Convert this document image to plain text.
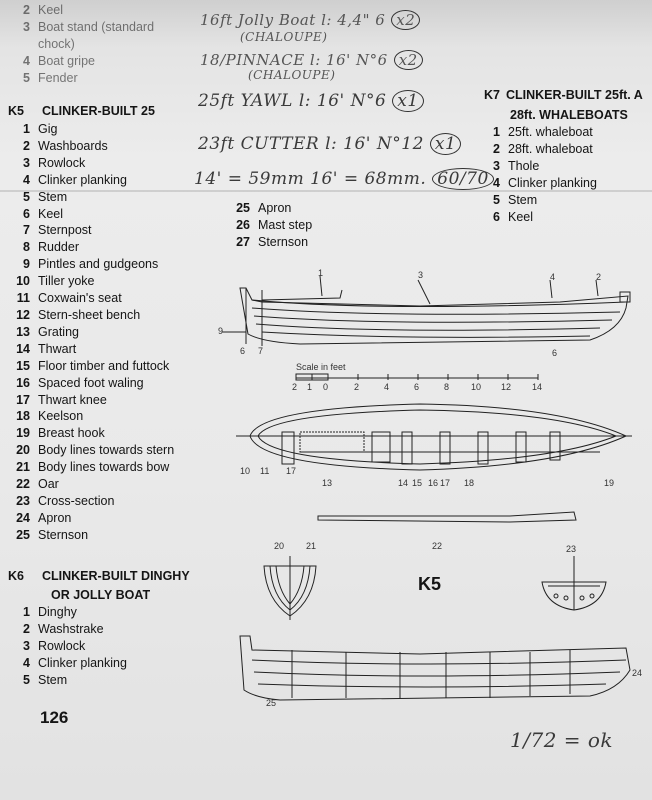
2 Keel
3 Boat stand (standard
chock)
4 Boat gripe
5 Fender
K5 CLINKER-BUILT 25
1 Gig
2 Washboards
3 Rowlock
4 Clinker planking
5 Stem
6 Keel
7 Sternpost
8 Rudder
9 Pintles and gudgeons
10 Tiller yoke
11 Coxwain's seat
12 Stern-sheet bench
13 Grating
14 Thwart
15 Floor timber and futtock
16 Spaced foot waling
17 Thwart knee
18 Keelson
19 Breast hook
20 Body lines towards stern
21 Body lines towards bow
22 Oar
23 Cross-section
24 Apron
25 Sternson
25 Apron
26 Mast step
27 Sternson
K6 CLINKER-BUILT DINGHY
OR JOLLY BOAT
1 Dinghy
2 Washstrake
3 Rowlock
4 Clinker planking
5 Stem
K7 CLINKER-BUILT 25ft. A
28ft. WHALEBOATS
1 25ft. whaleboat
2 28ft. whaleboat
3 Thole
4 Clinker planking
5 Stem
6 Keel
16ft Jolly Boat l: 4,4" 6 x2
(CHALOUPE)
18/PINNACE l: 16' N°6 x2
(CHALOUPE)
25ft YAWL l: 16' N°6 x1
23ft CUTTER l: 16' N°12 x1
14' = 59mm 16' = 68mm. 60/70
1/72 = ok
Scale in feet
2 1 0	2	4	6	8 10 12 14
1	3	4	2
9
6 7	6
10 11 17
13	14 15 16 17 18	19
22
20 21	23
25
24
K5
126
